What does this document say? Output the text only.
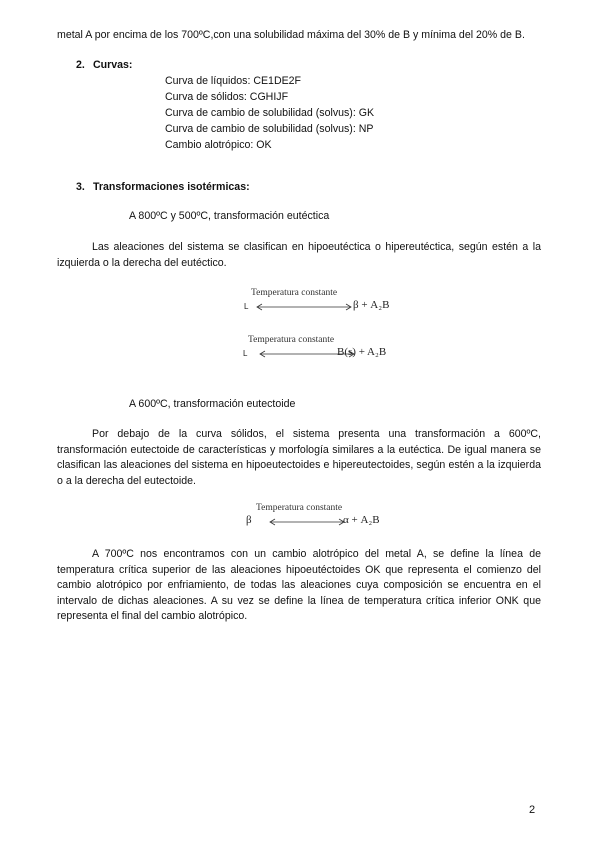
metal A por encima de los 700ºC,con una solubilidad máxima del 30% de B y mínima del 20% de B.

2. Curvas:
Curva de líquidos: CE1DE2F
Curva de sólidos: CGHIJF
Curva de cambio de solubilidad (solvus): GK
Curva de cambio de solubilidad (solvus): NP
Cambio alotrópico: OK
3. Transformaciones isotérmicas:

A 800ºC y 500ºC, transformación eutéctica

Las aleaciones del sistema se clasifican en hipoeutéctica o hipereutéctica, según estén a la izquierda o la derecha del eutéctico.

Temperatura constante
L	β + A₂B
Temperatura constante
L	B(s) + A₂B

A 600ºC, transformación eutectoide

Por debajo de la curva sólidos, el sistema presenta una transformación a 600ºC, transformación eutectoide de características y morfología similares a la eutéctica. De igual manera se clasifican las aleaciones del sistema en hipoeutectoides e hipereutectoides, según estén a la izquierda o a la derecha del eutectoide.

Temperatura constante
β	α + A₂B

A 700ºC nos encontramos con un cambio alotrópico del metal A, se define la línea de temperatura crítica superior de las aleaciones hipoeutéctoides OK que representa el comienzo del cambio alotrópico por enfriamiento, de todas las aleaciones cuya composición se encuentra en el intervalo de dichas aleaciones. A su vez se define la línea de temperatura crítica inferior ONK que representa el final del cambio alotrópico.

2
